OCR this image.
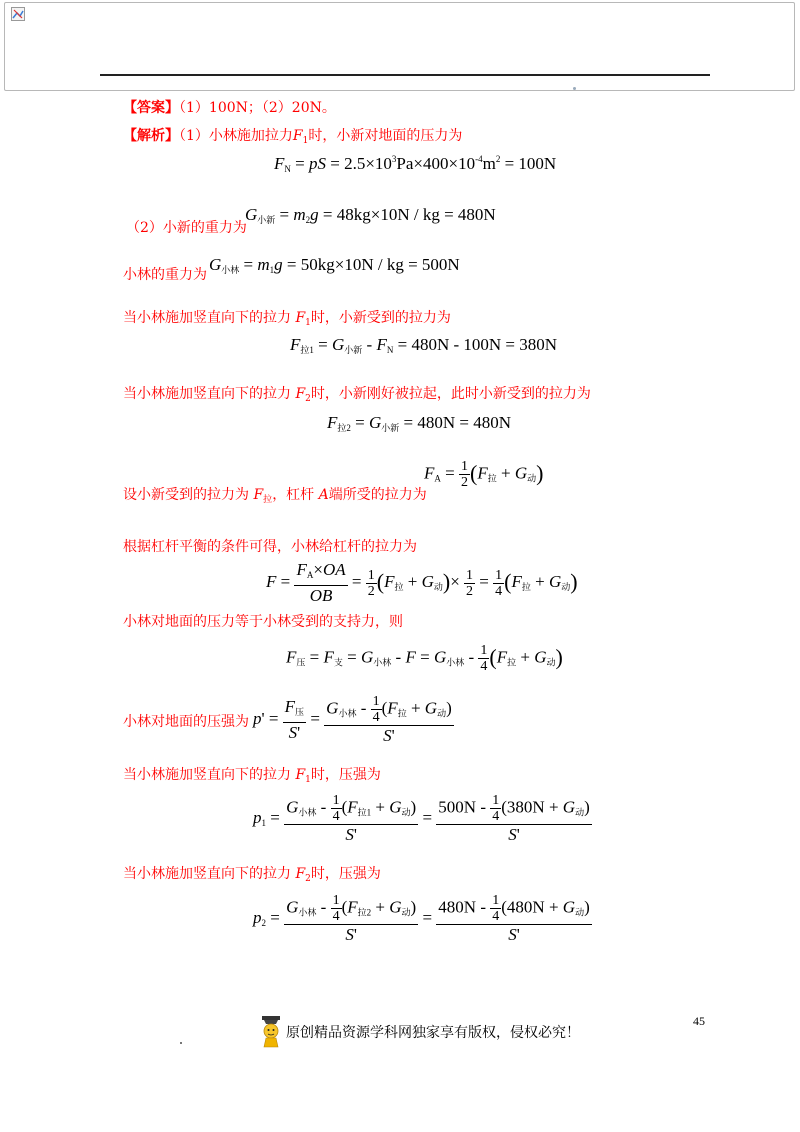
【答案】（1）100N；（2）20N。
【解析】（1）小林施加拉力$F_1$时，小新对地面的压力为
$F_N$ = pS = $2.5\times 10^3Pa\times 400\times 10^{-4}m^2 = 100N$
（2）小新的重力为
$G_{小新} = m_2g = 48kg\times 10N$ / kg = 480N
小林的重力为
$G_{小林} = m_1g = 50kg\times 10N$ / kg = 500N
当小林施加竖直向下的拉力 $F_1$时，小新受到的拉力为
$F_{拉1} = G_{小新} - F_N = 480N - 100N = 380N$
当小林施加竖直向下的拉力 $F_2$时，小新刚好被拉起，此时小新受到的拉力为
$F_{拉2} = G_{小新} = 480N = 480N$
设小新受到的拉力为 $F_拉$，杠杆 A端所受的拉力为
$F_A = \frac{1}{2} (F_拉 + G_动)$
根据杠杆平衡的条件可得，小林给杠杆的拉力为
$F = \frac{F_A\times OA}{OB} = \frac{1}{2} (F_拉 + G_动)\times \frac{1}{2} = \frac{1}{4} (F_拉 + G_动)$
小林对地面的压力等于小林受到的支持力，则
$F_压 = F_支 = G_{小林} - F = G_{小林} - \frac{1}{4} (F_拉 + G_动)$
小林对地面的压强为 $p' = \frac{F_压}{S'} = \frac{G_{小林} - \frac{1}{4} (F_拉 + G_动)}{S'}$
当小林施加竖直向下的拉力 $F_1$时，压强为
$p_1 = \frac{G_{小林} - \frac{1}{4} (F_{拉1} + G_动)}{S'} = \frac{500N - \frac{1}{4} (380N + G_动)}{S'}$
当小林施加竖直向下的拉力 $F_2$时，压强为
$p_2 = \frac{G_{小林} - \frac{1}{4} (F_{拉2} + G_动)}{S'} = \frac{480N - \frac{1}{4} (480N + G_动)}{S'}$
45
原创精品资源学科网独家享有版权，侵权必究！
